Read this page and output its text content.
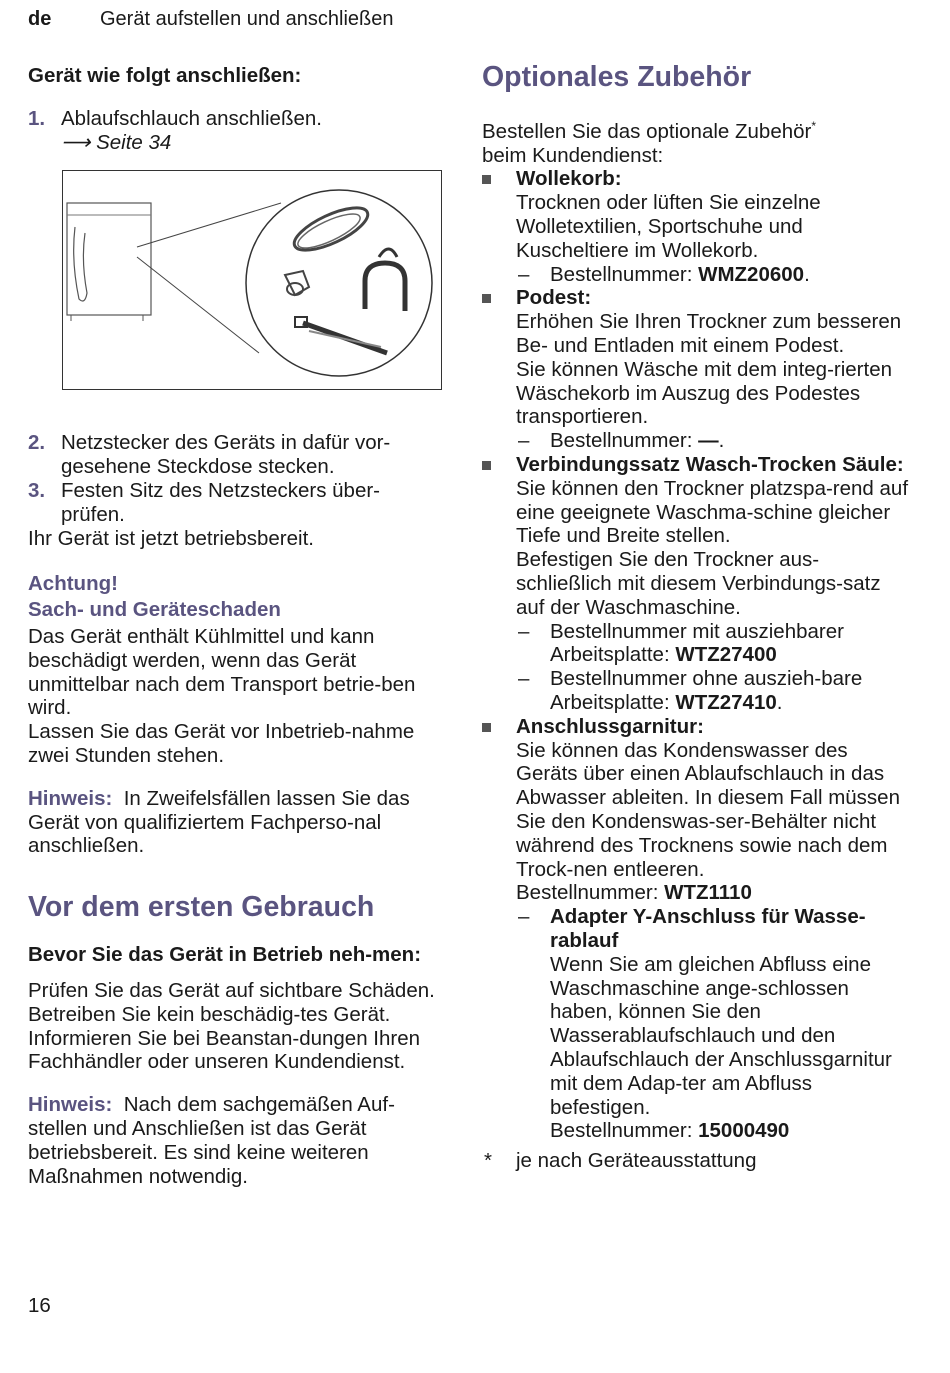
de Gerät aufstellen und anschließen

Gerät wie folgt anschließen:

1. Ablaufschlauch anschließen.
⟶ Seite 34
2. Netzstecker des Geräts in dafür vor-
gesehene Steckdose stecken.
3. Festen Sitz des Netzsteckers über-
prüfen.

Ihr Gerät ist jetzt betriebsbereit.

Achtung!

Sach- und Geräteschaden

Das Gerät enthält Kühlmittel und kann beschädigt werden, wenn das Gerät unmittelbar nach dem Transport betrie-ben wird.

Lassen Sie das Gerät vor Inbetrieb-nahme zwei Stunden stehen.

Hinweis: In Zweifelsfällen lassen Sie das Gerät von qualifiziertem Fachperso-nal anschließen.

Vor dem ersten Gebrauch

Bevor Sie das Gerät in Betrieb neh-men:

Prüfen Sie das Gerät auf sichtbare Schäden. Betreiben Sie kein beschädig-tes Gerät. Informieren Sie bei Beanstan-dungen Ihren Fachhändler oder unseren Kundendienst.

Hinweis: Nach dem sachgemäßen Auf-stellen und Anschließen ist das Gerät betriebsbereit. Es sind keine weiteren Maßnahmen notwendig.

Optionales Zubehör

Bestellen Sie das optionale Zubehör*
beim Kundendienst:

Wollekorb:
Trocknen oder lüften Sie einzelne Wolletextilien, Sportschuhe und Kuscheltiere im Wollekorb.
– Bestellnummer: WMZ20600.
Podest:
Erhöhen Sie Ihren Trockner zum besseren Be- und Entladen mit einem Podest.
Sie können Wäsche mit dem integ-rierten Wäschekorb im Auszug des Podestes transportieren.
– Bestellnummer: —.
Verbindungssatz Wasch-Trocken Säule:
Sie können den Trockner platzspa-rend auf eine geeignete Waschma-schine gleicher Tiefe und Breite stellen.
Befestigen Sie den Trockner aus-schließlich mit diesem Verbindungs-satz auf der Waschmaschine.
– Bestellnummer mit ausziehbarer Arbeitsplatte: WTZ27400
– Bestellnummer ohne auszieh-bare Arbeitsplatte: WTZ27410.
Anschlussgarnitur:
Sie können das Kondenswasser des Geräts über einen Ablaufschlauch in das Abwasser ableiten. In diesem Fall müssen Sie den Kondenswas-ser-Behälter nicht während des Trocknens sowie nach dem Trock-nen entleeren.
Bestellnummer: WTZ1110
– Adapter Y-Anschluss für Wasse-rablauf
Wenn Sie am gleichen Abfluss eine Waschmaschine ange-schlossen haben, können Sie den Wasserablaufschlauch und den Ablaufschlauch der Anschlussgarnitur mit dem Adap-ter am Abfluss befestigen.
Bestellnummer: 15000490
* je nach Geräteausstattung
16
